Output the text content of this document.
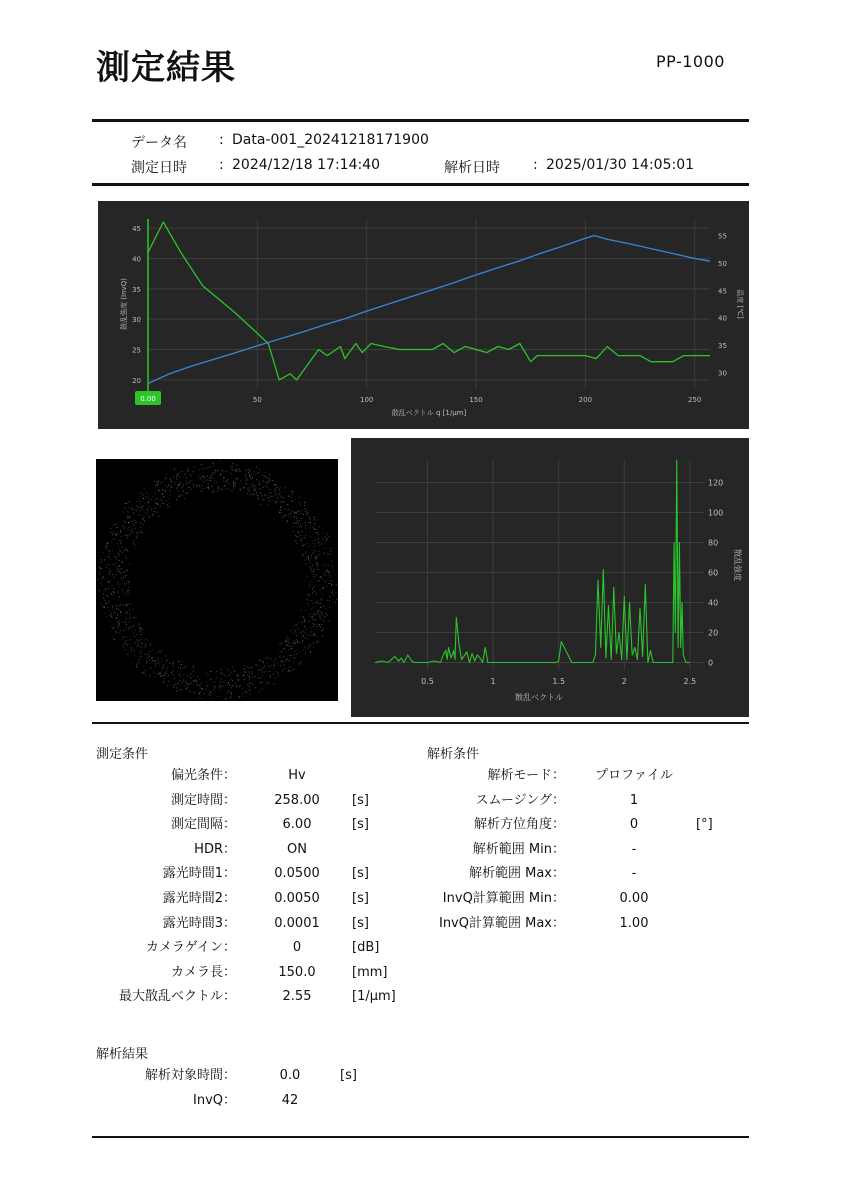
測定結果	PP-1000
データ名 : Data-001_20241218171900
測定日時 : 2024/12/18 17:14:40	解析日時 : 2025/01/30 14:05:01
50	100	150	200	250
20
25
30
35
40
45
30
35
40
45
50
55
散乱ベクトル q [1/μm]
散乱強度 (InvQ)	温度 [℃]
0.00
0.5	1	1.5	2	2.5
0
20
40
60
80
100
120
散乱ベクトル
散乱強度
測定条件
偏光条件：	Hv
測定時間：	258.00	[s]
測定間隔：	6.00	[s]
HDR：	ON
露光時間1：	0.0500	[s]
露光時間2：	0.0050	[s]
露光時間3：	0.0001	[s]
カメラゲイン：	0	[dB]
カメラ長：	150.0	[mm]
最大散乱ベクトル：	2.55	[1/μm]
解析条件
解析モード：	プロファイル
スムージング：	1
解析方位角度：	0	[°]
解析範囲 Min：	-
解析範囲 Max：	-
InvQ計算範囲 Min：	0.00
InvQ計算範囲 Max：	1.00
解析結果
解析対象時間：	0.0	[s]
InvQ：	42
